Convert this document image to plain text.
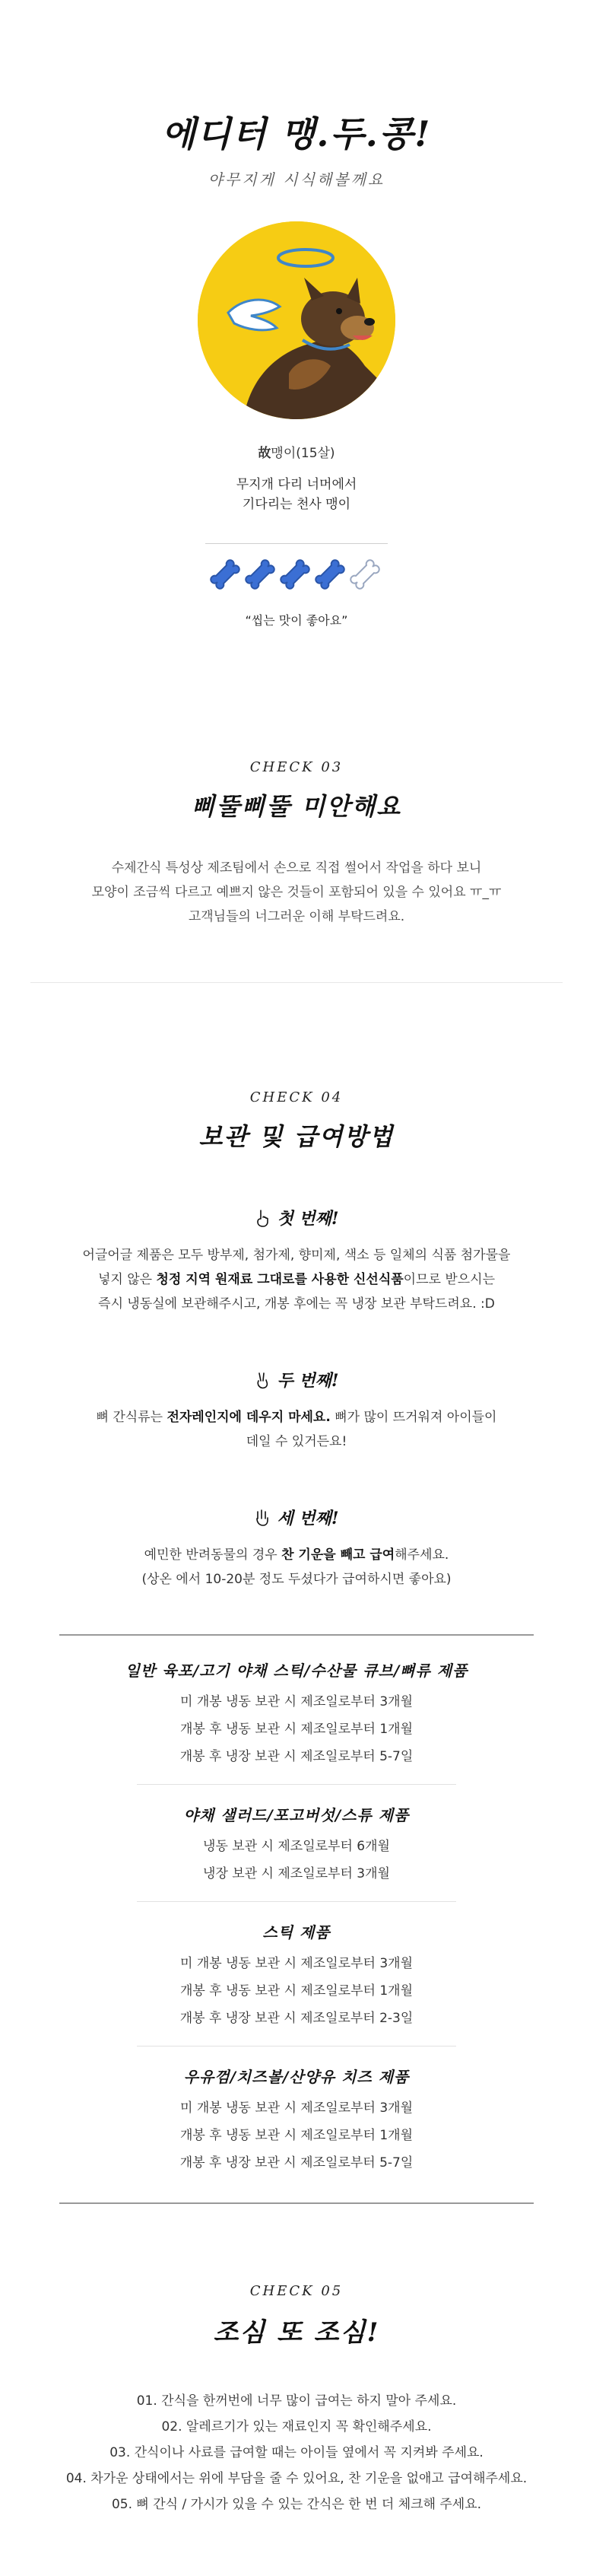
에디터 맹.두.콩!

야무지게 시식해볼께요

故맹이(15살)

무지개 다리 너머에서
기다리는 천사 맹이

“씹는 맛이 좋아요”

CHECK 03

삐뚤삐뚤 미안해요

수제간식 특성상 제조팀에서 손으로 직접 썰어서 작업을 하다 보니
모양이 조금씩 다르고 예쁘지 않은 것들이 포함되어 있을 수 있어요 ㅠ_ㅠ
고객님들의 너그러운 이해 부탁드려요.

CHECK 04

보관 및 급여방법
첫 번째!

어글어글 제품은 모두 방부제, 첨가제, 향미제, 색소 등 일체의 식품 첨가물을
넣지 않은 청정 지역 원재료 그대로를 사용한 신선식품이므로 받으시는
즉시 냉동실에 보관해주시고, 개봉 후에는 꼭 냉장 보관 부탁드려요. :D

두 번째!

뼈 간식류는 전자레인지에 데우지 마세요. 뼈가 많이 뜨거워져 아이들이
데일 수 있거든요!

세 번째!

예민한 반려동물의 경우 찬 기운을 빼고 급여해주세요.
(상온 에서 10-20분 정도 두셨다가 급여하시면 좋아요)

일반 육포/고기 야채 스틱/수산물 큐브/뼈류 제품

미 개봉 냉동 보관 시 제조일로부터 3개월
개봉 후 냉동 보관 시 제조일로부터 1개월
개봉 후 냉장 보관 시 제조일로부터 5-7일

야채 샐러드/포고버섯/스튜 제품

냉동 보관 시 제조일로부터 6개월
냉장 보관 시 제조일로부터 3개월

스틱 제품

미 개봉 냉동 보관 시 제조일로부터 3개월
개봉 후 냉동 보관 시 제조일로부터 1개월
개봉 후 냉장 보관 시 제조일로부터 2-3일

우유껌/치즈볼/산양유 치즈 제품

미 개봉 냉동 보관 시 제조일로부터 3개월
개봉 후 냉동 보관 시 제조일로부터 1개월
개봉 후 냉장 보관 시 제조일로부터 5-7일

CHECK 05

조심 또 조심!

01. 간식을 한꺼번에 너무 많이 급여는 하지 말아 주세요.
02. 알레르기가 있는 재료인지 꼭 확인해주세요.
03. 간식이나 사료를 급여할 때는 아이들 옆에서 꼭 지켜봐 주세요.
04. 차가운 상태에서는 위에 부담을 줄 수 있어요, 찬 기운을 없애고 급여해주세요.
05. 뼈 간식 / 가시가 있을 수 있는 간식은 한 번 더 체크해 주세요.
